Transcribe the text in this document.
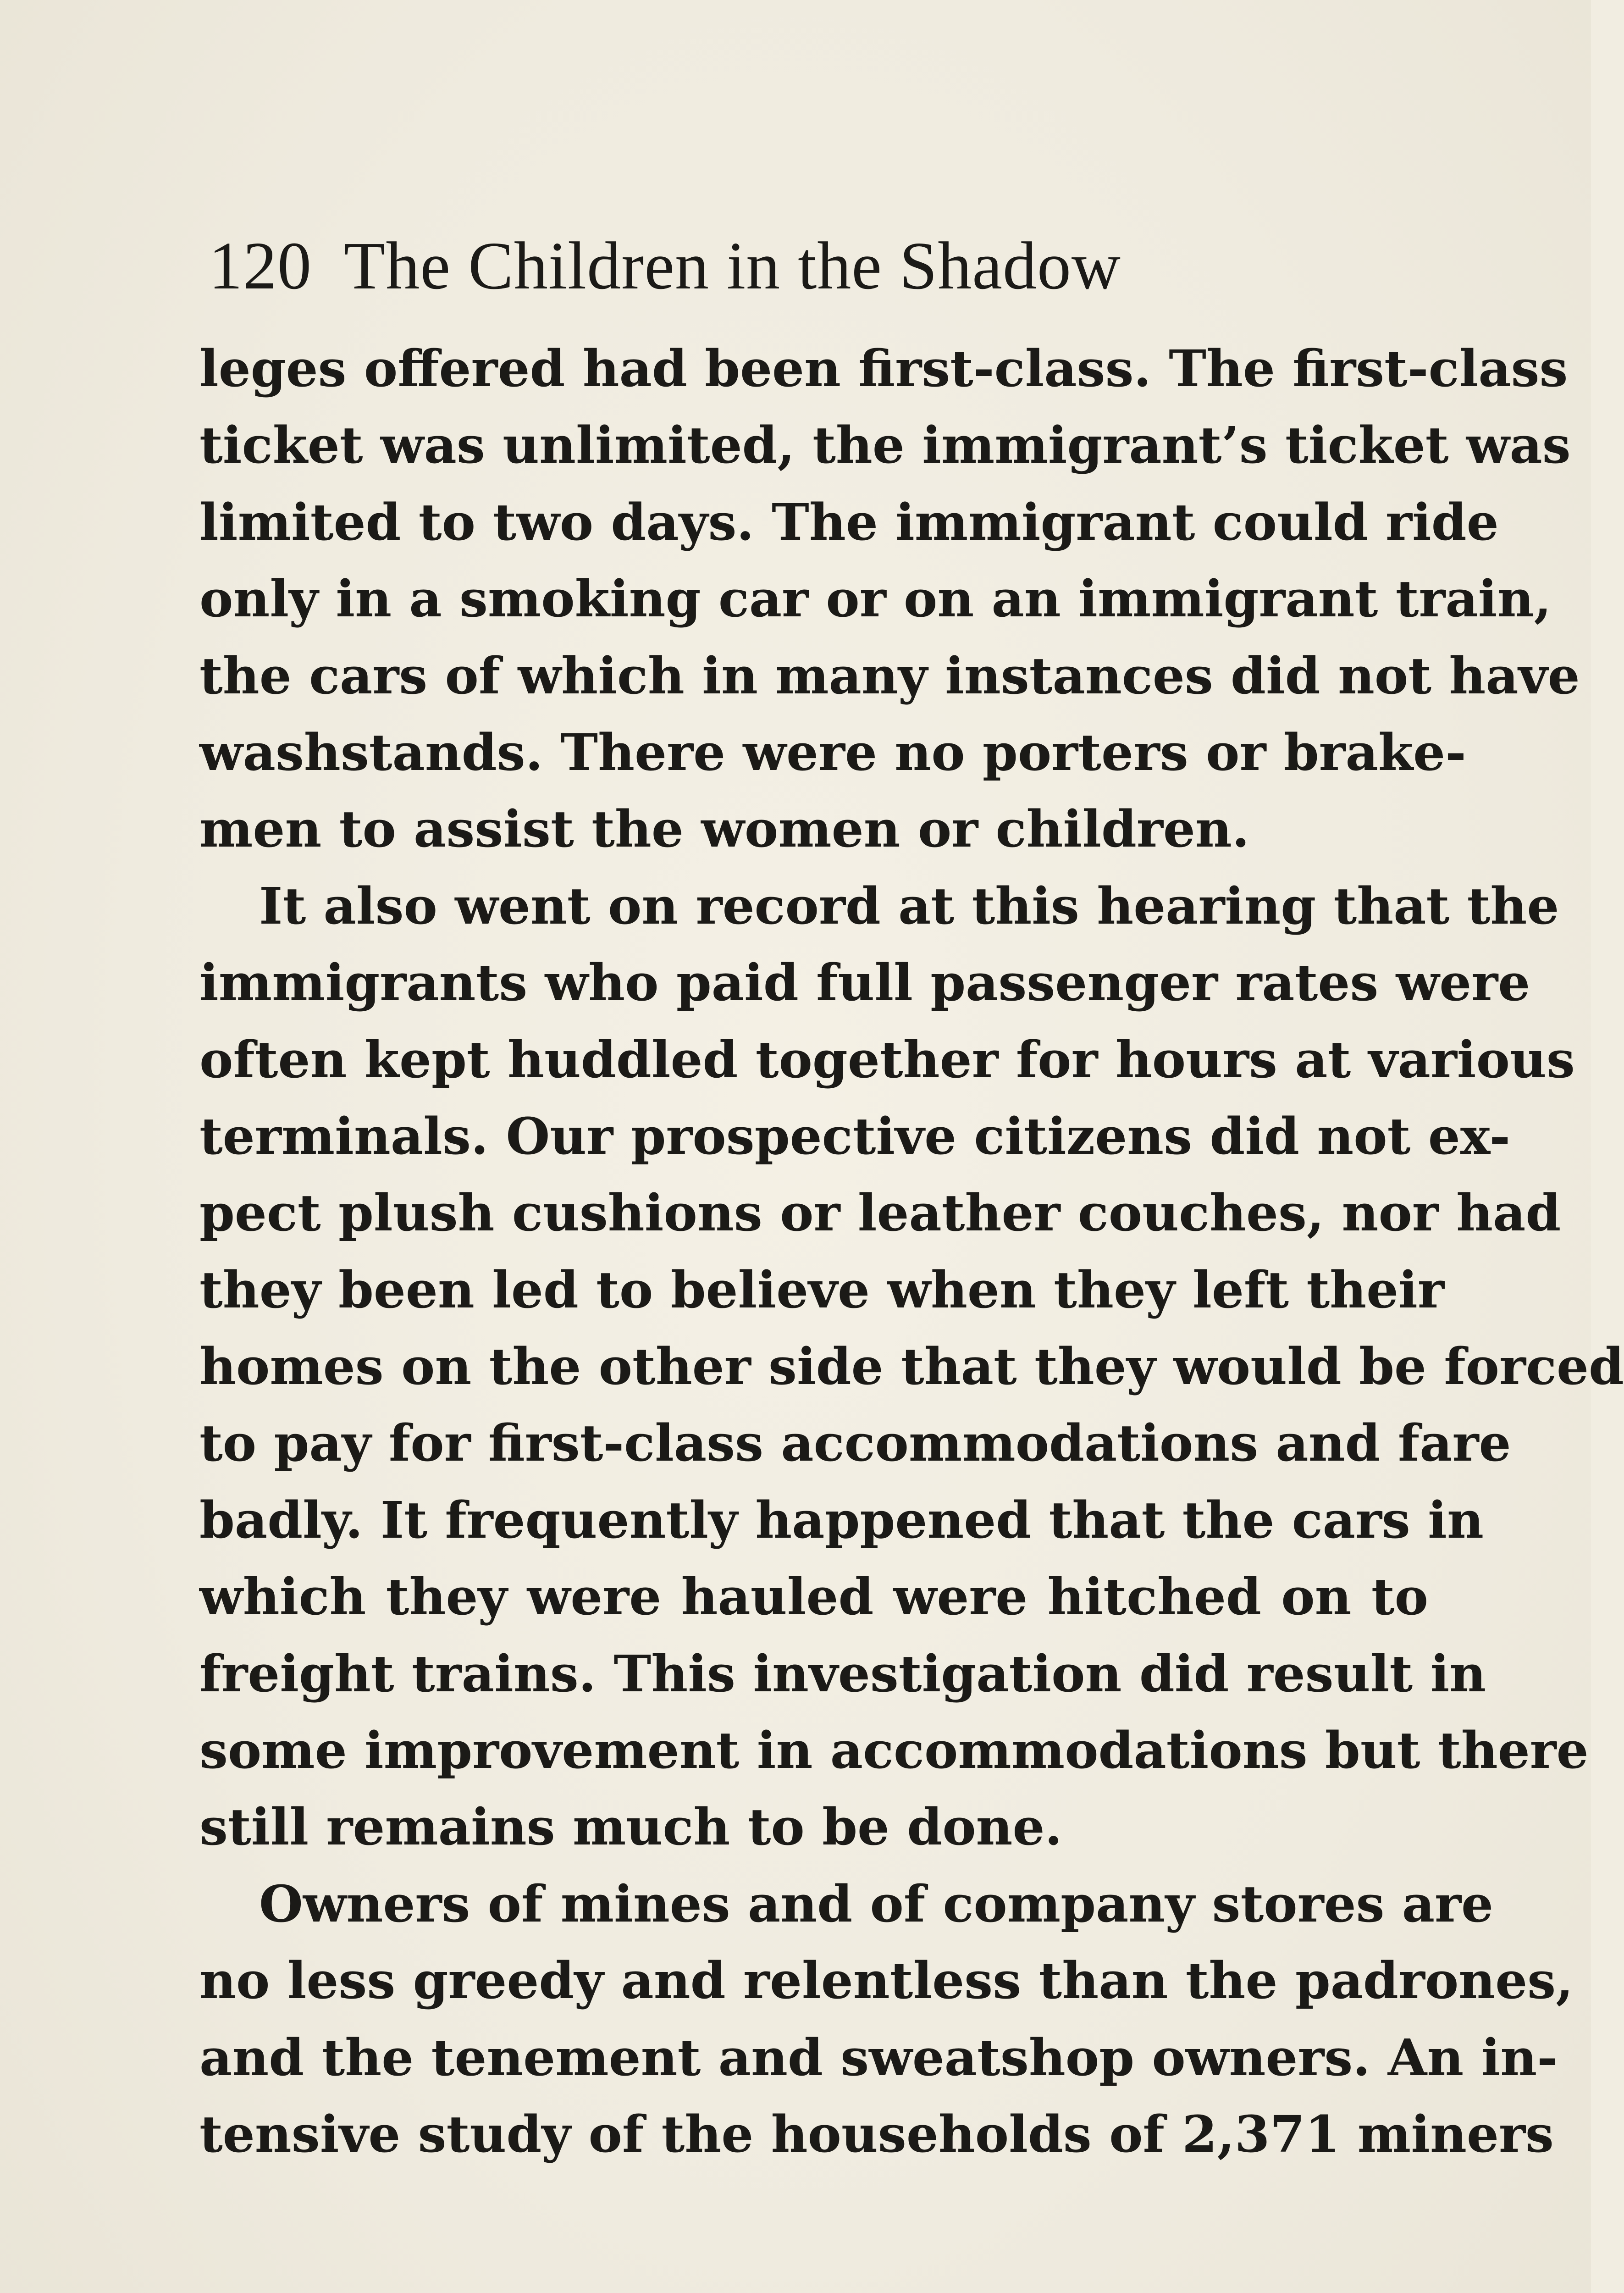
120 The Children in the Shadow
leges offered had been first-class. The first-class
ticket was unlimited, the immigrant’s ticket was
limited to two days. The immigrant could ride
only in a smoking car or on an immigrant train,
the cars of which in many instances did not have
washstands. There were no porters or brake-
men to assist the women or children.
It also went on record at this hearing that the
immigrants who paid full passenger rates were
often kept huddled together for hours at various
terminals. Our prospective citizens did not ex-
pect plush cushions or leather couches, nor had
they been led to believe when they left their
homes on the other side that they would be forced
to pay for first-class accommodations and fare
badly. It frequently happened that the cars in
which they were hauled were hitched on to
freight trains. This investigation did result in
some improvement in accommodations but there
still remains much to be done.
Owners of mines and of company stores are
no less greedy and relentless than the padrones,
and the tenement and sweatshop owners. An in-
tensive study of the households of 2,371 miners
